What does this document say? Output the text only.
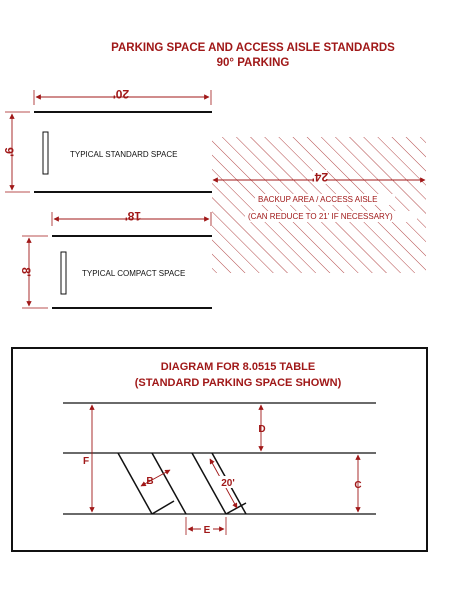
PARKING SPACE AND ACCESS AISLE STANDARDS
90° PARKING
20'
9'	TYPICAL STANDARD SPACE
24'
BACKUP AREA / ACCESS AISLE
(CAN REDUCE TO 21' IF NECESSARY)
18'
8'	TYPICAL COMPACT SPACE
DIAGRAM FOR 8.0515 TABLE
(STANDARD PARKING SPACE SHOWN)
F
D
C
B	20'
E
